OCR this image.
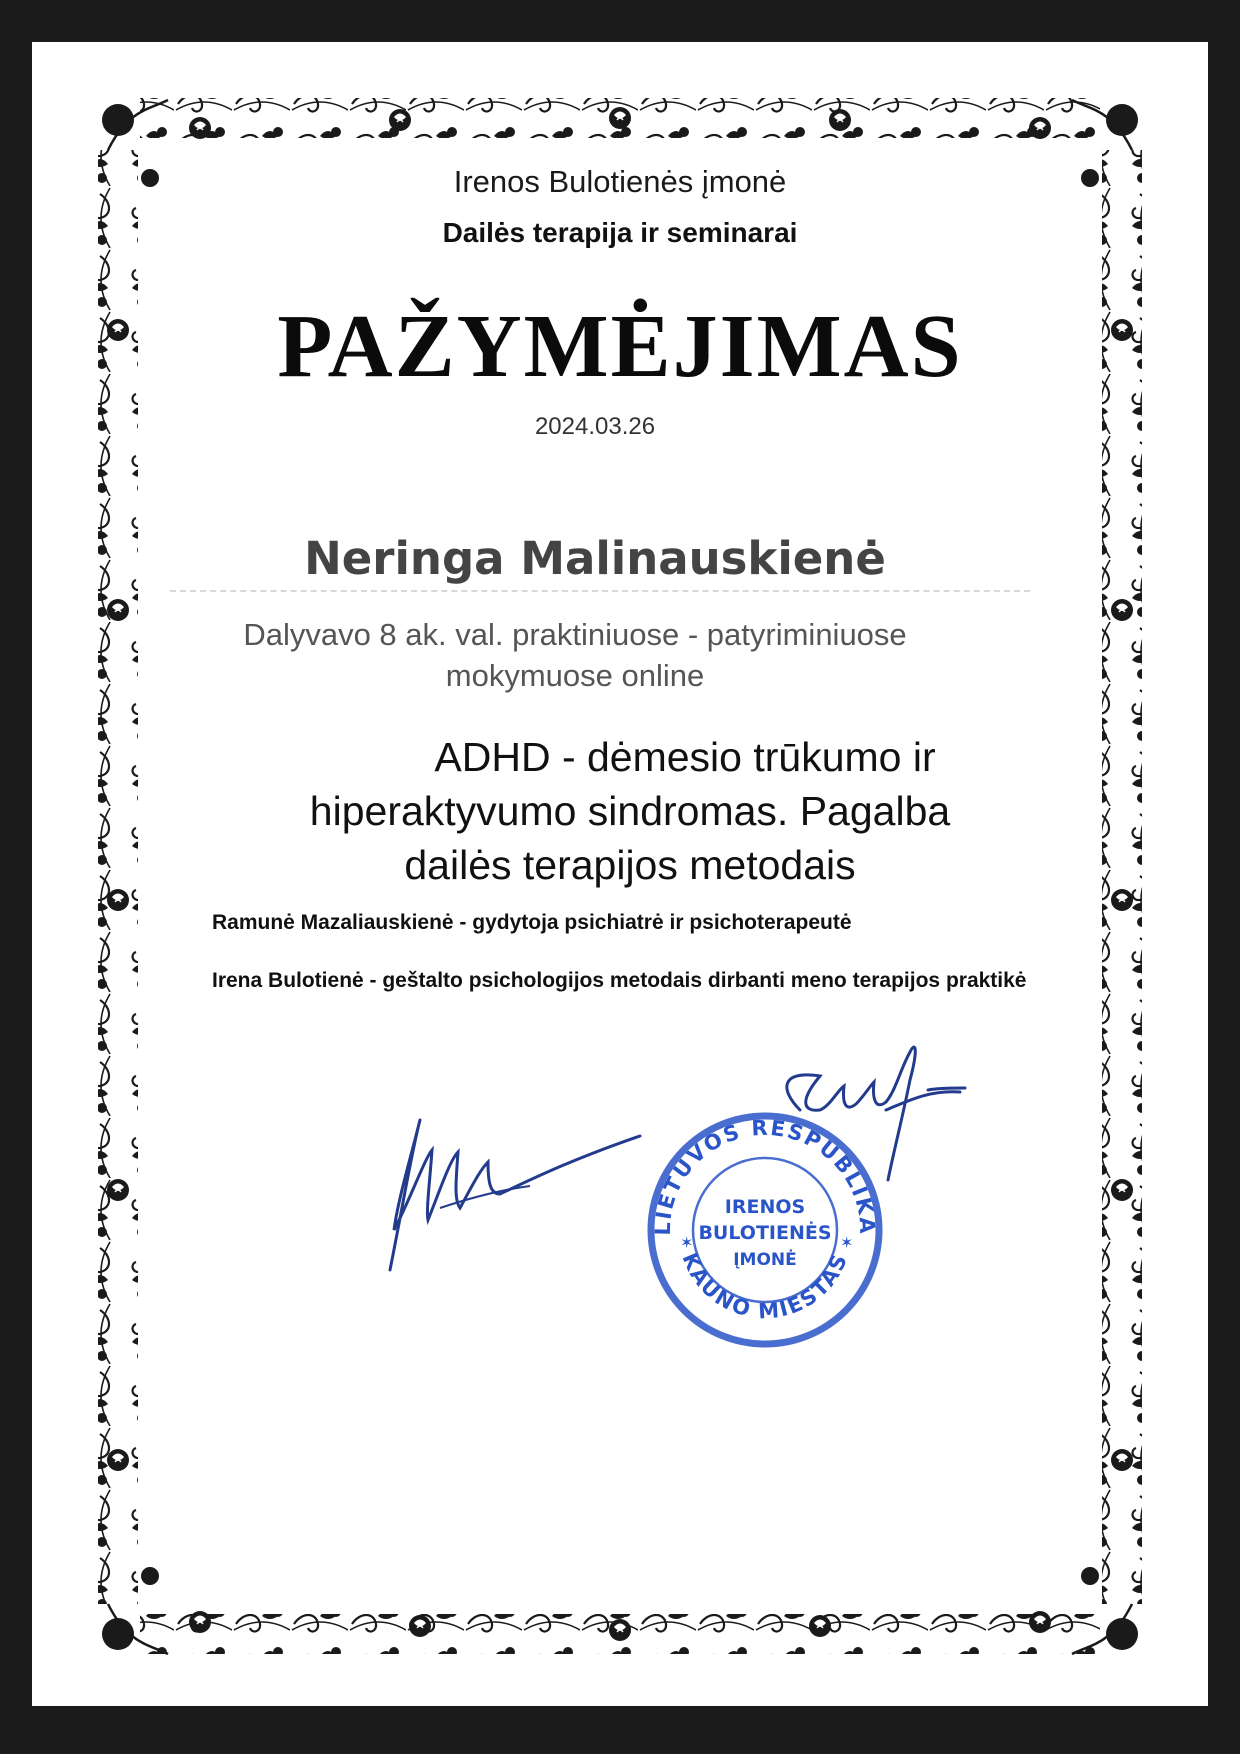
Irenos Bulotienės įmonė
Dailės terapija ir seminarai
PAŽYMĖJIMAS
2024.03.26
Neringa Malinauskienė
Dalyvavo 8 ak. val. praktiniuose - patyriminiuose
mokymuose online
ADHD - dėmesio trūkumo ir
hiperaktyvumo sindromas. Pagalba
dailės terapijos metodais
Ramunė Mazaliauskienė - gydytoja psichiatrė ir psichoterapeutė
Irena Bulotienė - geštalto psichologijos metodais dirbanti meno terapijos praktikė
LIETUVOS RESPUBLIKA
KAUNO MIESTAS
✶	✶
IRENOS
BULOTIENĖS
ĮMONĖ
